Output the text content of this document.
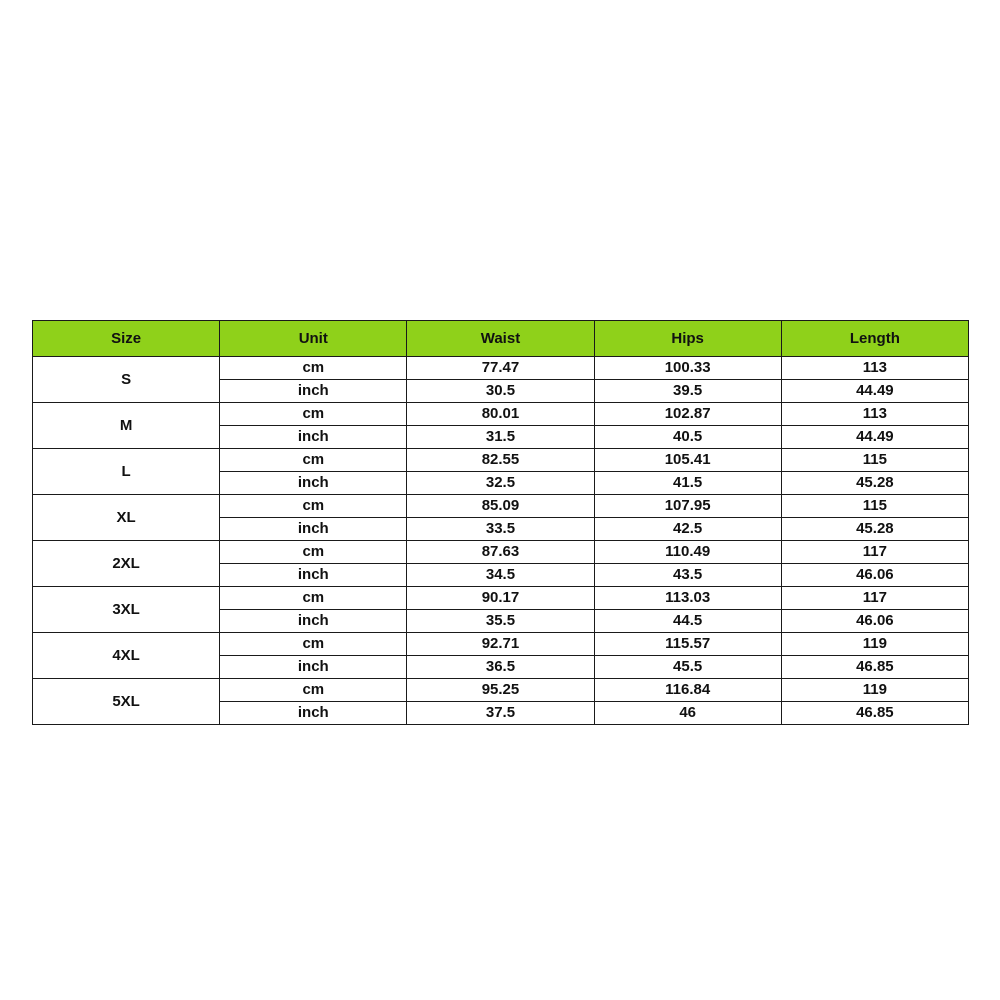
Size	Unit	Waist	Hips	Length
S	cm	77.47	100.33	113
	inch	30.5	39.5	44.49
M	cm	80.01	102.87	113
	inch	31.5	40.5	44.49
L	cm	82.55	105.41	115
	inch	32.5	41.5	45.28
XL	cm	85.09	107.95	115
	inch	33.5	42.5	45.28
2XL	cm	87.63	110.49	117
	inch	34.5	43.5	46.06
3XL	cm	90.17	113.03	117
	inch	35.5	44.5	46.06
4XL	cm	92.71	115.57	119
	inch	36.5	45.5	46.85
5XL	cm	95.25	116.84	119
	inch	37.5	46	46.85
